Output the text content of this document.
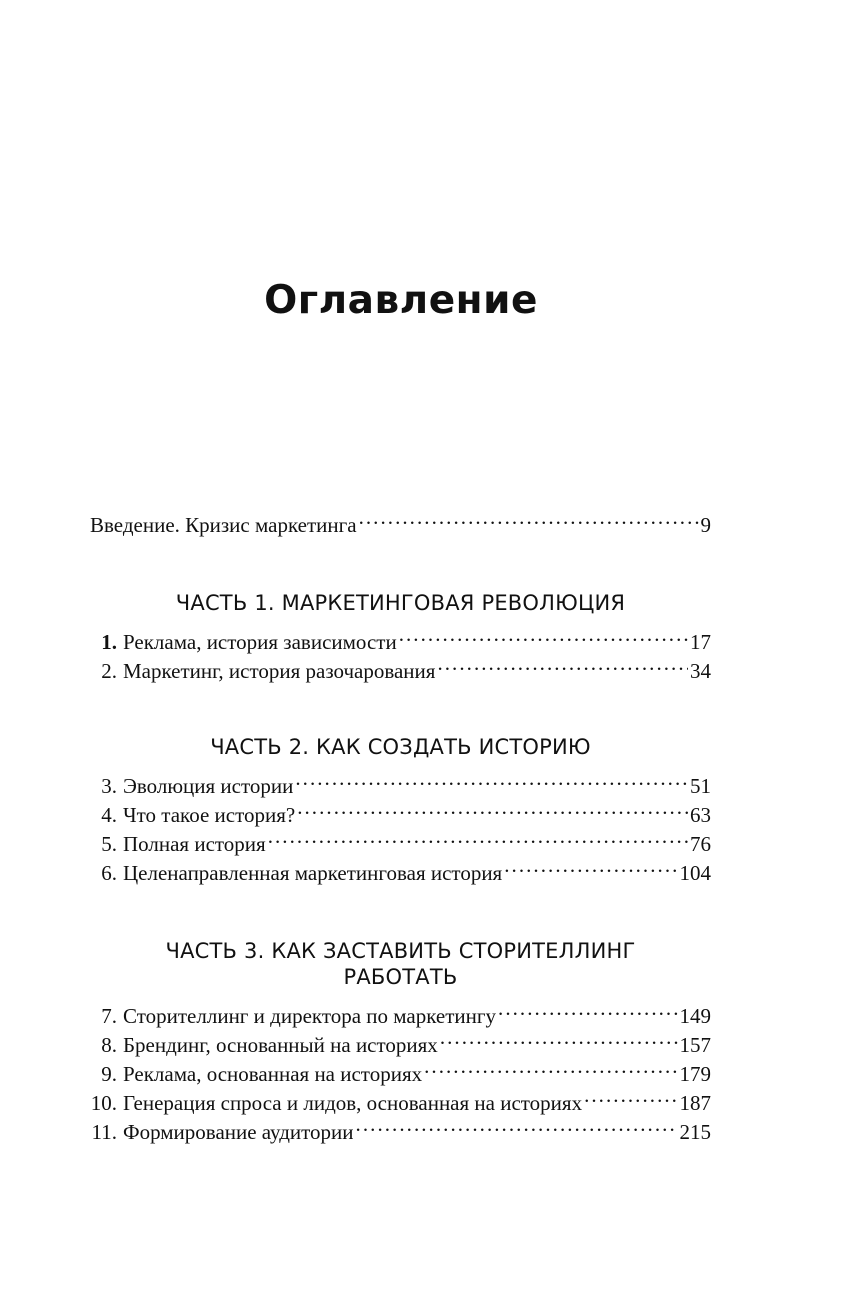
Оглавление
Введение. Кризис маркетинга . . .	9
ЧАСТЬ 1. МАРКЕТИНГОВАЯ РЕВОЛЮЦИЯ
1. Реклама, история зависимости . . .	17
2. Маркетинг, история разочарования . . .	34
ЧАСТЬ 2. КАК СОЗДАТЬ ИСТОРИЮ
3. Эволюция истории . . .	51
4. Что такое история? . . .	63
5. Полная история . . .	76
6. Целенаправленная маркетинговая история . . .	104
ЧАСТЬ 3. КАК ЗАСТАВИТЬ СТОРИТЕЛЛИНГ
РАБОТАТЬ
7. Сторителлинг и директора по маркетингу . . .	149
8. Брендинг, основанный на историях . . .	157
9. Реклама, основанная на историях . . .	179
10. Генерация спроса и лидов, основанная на историях . . .	187
11. Формирование аудитории . . .	215
